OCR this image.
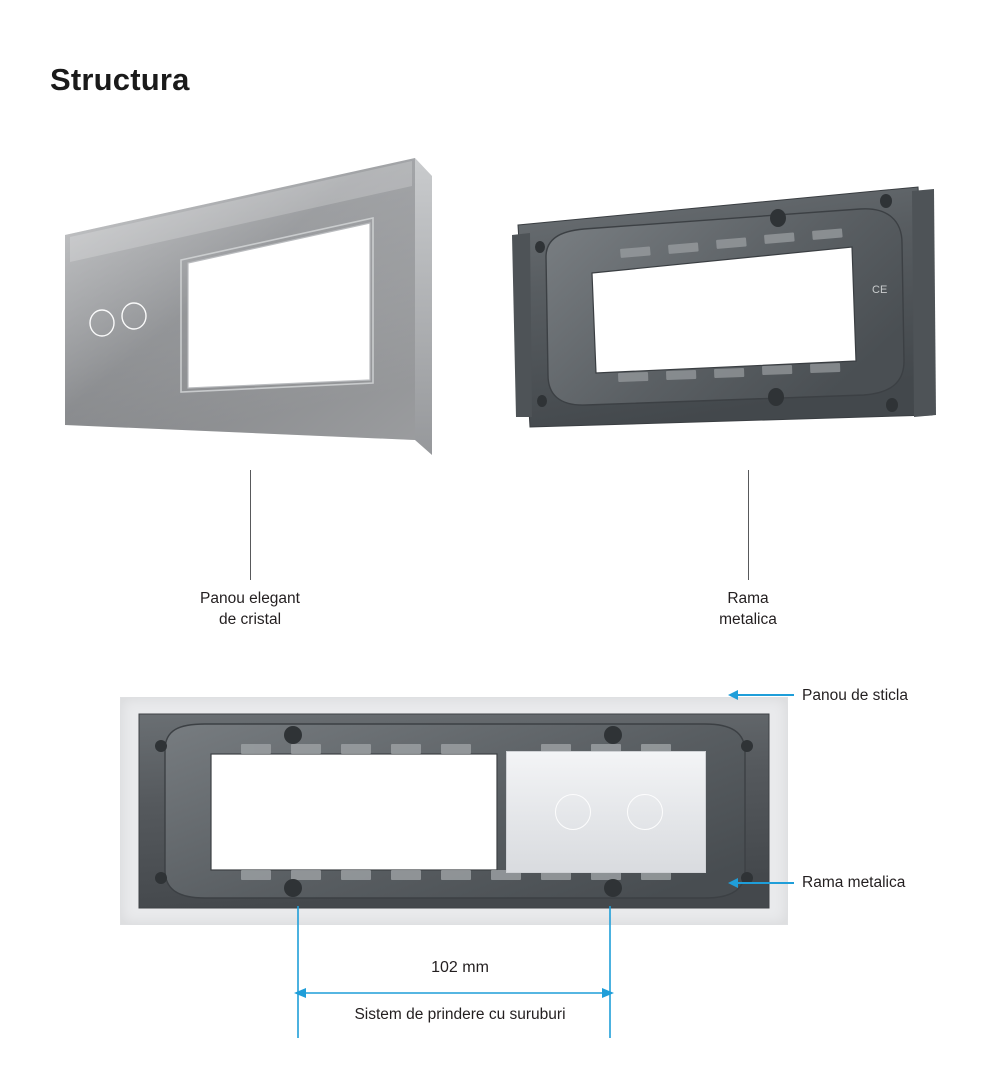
Structura
Panou elegant
de cristal
CE
Rama
metalica
Panou de sticla
Rama metalica
102 mm
Sistem de prindere cu suruburi
